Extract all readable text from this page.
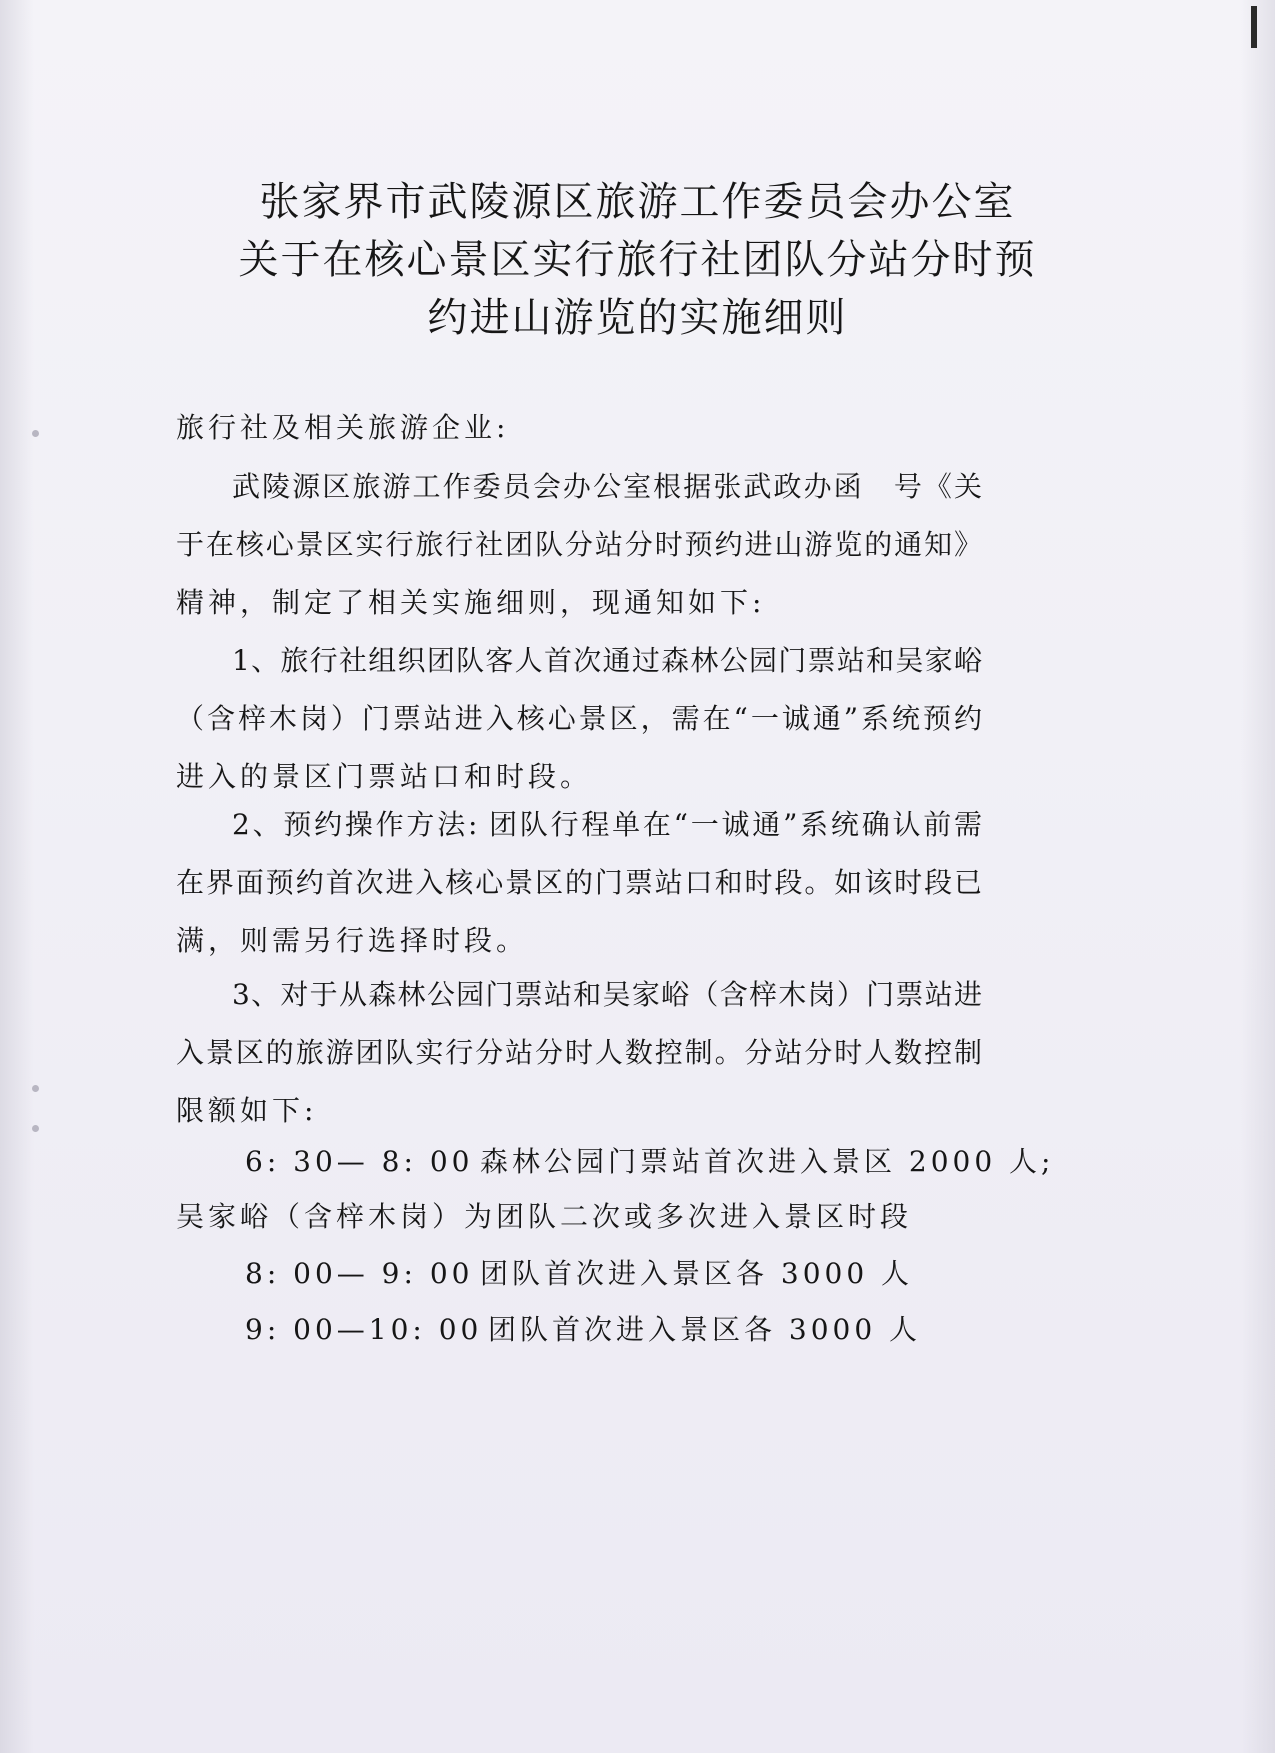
张家界市武陵源区旅游工作委员会办公室
关于在核心景区实行旅行社团队分站分时预
约进山游览的实施细则
旅行社及相关旅游企业:
武陵源区旅游工作委员会办公室根据张武政办函　号《关
于在核心景区实行旅行社团队分站分时预约进山游览的通知》
精神，制定了相关实施细则，现通知如下:
1、旅行社组织团队客人首次通过森林公园门票站和吴家峪
（含梓木岗）门票站进入核心景区，需在“一诚通”系统预约
进入的景区门票站口和时段。
2、预约操作方法: 团队行程单在“一诚通”系统确认前需
在界面预约首次进入核心景区的门票站口和时段。如该时段已
满，则需另行选择时段。
3、对于从森林公园门票站和吴家峪（含梓木岗）门票站进
入景区的旅游团队实行分站分时人数控制。分站分时人数控制
限额如下:
6: 30— 8: 00 森林公园门票站首次进入景区 2000 人;
吴家峪（含梓木岗）为团队二次或多次进入景区时段
8: 00— 9: 00 团队首次进入景区各 3000 人
9: 00—10: 00 团队首次进入景区各 3000 人
